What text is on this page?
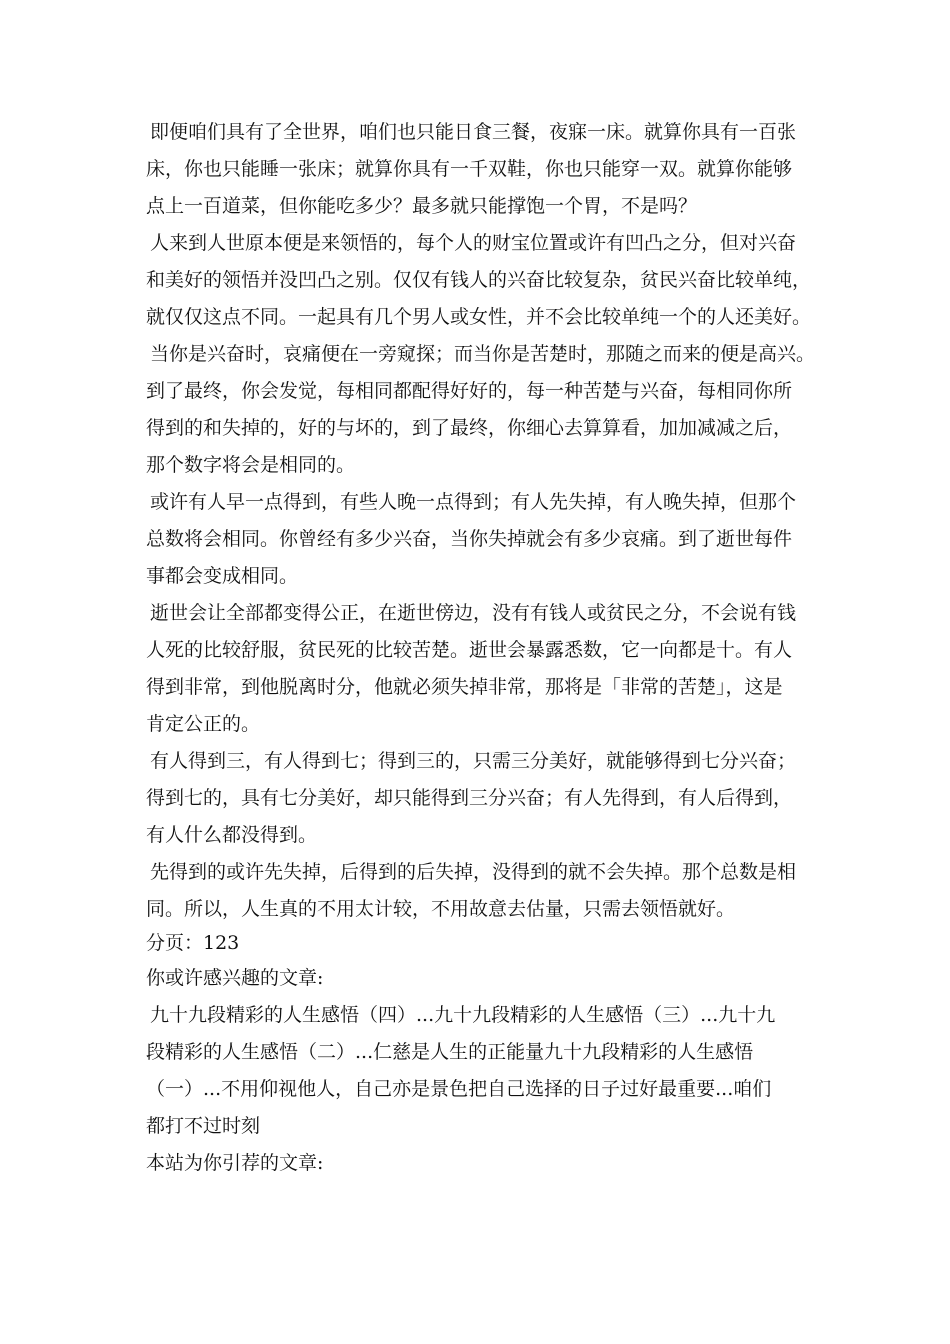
即便咱们具有了全世界，咱们也只能日食三餐，夜寐一床。就算你具有一百张
床，你也只能睡一张床；就算你具有一千双鞋，你也只能穿一双。就算你能够
点上一百道菜，但你能吃多少？最多就只能撑饱一个胃，不是吗？
人来到人世原本便是来领悟的，每个人的财宝位置或许有凹凸之分，但对兴奋
和美好的领悟并没凹凸之别。仅仅有钱人的兴奋比较复杂，贫民兴奋比较单纯，
就仅仅这点不同。一起具有几个男人或女性，并不会比较单纯一个的人还美好。
当你是兴奋时，哀痛便在一旁窥探；而当你是苦楚时，那随之而来的便是高兴。
到了最终，你会发觉，每相同都配得好好的，每一种苦楚与兴奋，每相同你所
得到的和失掉的，好的与坏的，到了最终，你细心去算算看，加加减减之后，
那个数字将会是相同的。
或许有人早一点得到，有些人晚一点得到；有人先失掉，有人晚失掉，但那个
总数将会相同。你曾经有多少兴奋，当你失掉就会有多少哀痛。到了逝世每件
事都会变成相同。
逝世会让全部都变得公正，在逝世傍边，没有有钱人或贫民之分，不会说有钱
人死的比较舒服，贫民死的比较苦楚。逝世会暴露悉数，它一向都是十。有人
得到非常，到他脱离时分，他就必须失掉非常，那将是「非常的苦楚」，这是
肯定公正的。
有人得到三，有人得到七；得到三的，只需三分美好，就能够得到七分兴奋；
得到七的，具有七分美好，却只能得到三分兴奋；有人先得到，有人后得到，
有人什么都没得到。
先得到的或许先失掉，后得到的后失掉，没得到的就不会失掉。那个总数是相
同。所以，人生真的不用太计较，不用故意去估量，只需去领悟就好。
分页：123
你或许感兴趣的文章:
九十九段精彩的人生感悟（四）...九十九段精彩的人生感悟（三）...九十九
段精彩的人生感悟（二）...仁慈是人生的正能量九十九段精彩的人生感悟
（一）...不用仰视他人，自己亦是景色把自己选择的日子过好最重要...咱们
都打不过时刻
本站为你引荐的文章:
